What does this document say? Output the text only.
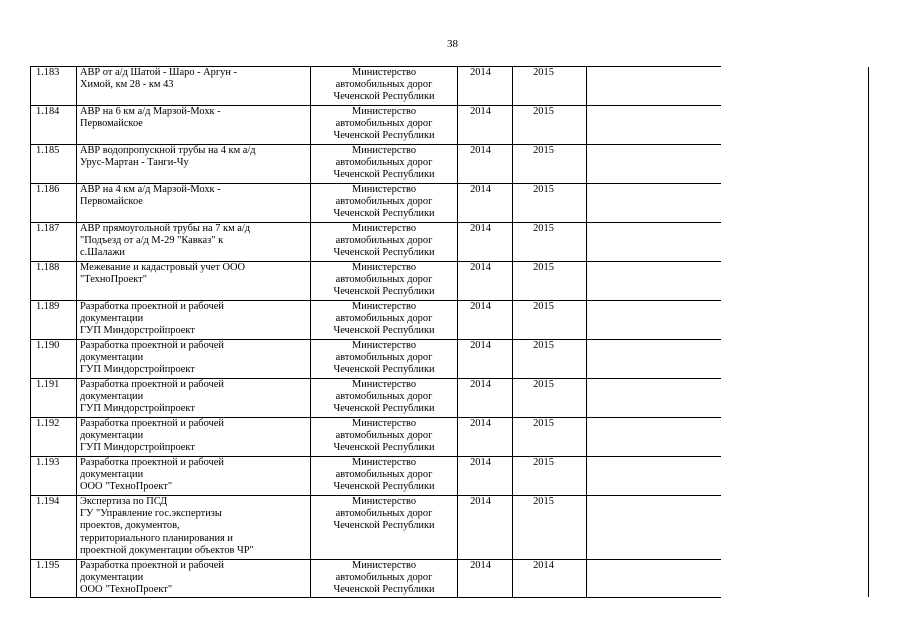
38
1.183	АВР от а/д Шатой - Шаро - Аргун -
Химой, км 28 - км 43	Министерство
автомобильных дорог
Чеченской Республики	2014	2015			
1.184	АВР на 6 км а/д Марзой-Мохк -
Первомайское	Министерство
автомобильных дорог
Чеченской Республики	2014	2015			
1.185	АВР водопропускной трубы на 4 км а/д
Урус-Мартан - Танги-Чу	Министерство
автомобильных дорог
Чеченской Республики	2014	2015			
1.186	АВР на 4 км а/д Марзой-Мохк -
Первомайское	Министерство
автомобильных дорог
Чеченской Республики	2014	2015			
1.187	АВР прямоугольной трубы на 7 км а/д
"Подъезд от а/д М-29 "Кавказ" к
с.Шалажи	Министерство
автомобильных дорог
Чеченской Республики	2014	2015			
1.188	Межевание и кадастровый учет ООО
"ТехноПроект"	Министерство
автомобильных дорог
Чеченской Республики	2014	2015			
1.189	Разработка проектной и рабочей
документации
ГУП Миндорстройпроект	Министерство
автомобильных дорог
Чеченской Республики	2014	2015			
1.190	Разработка проектной и рабочей
документации
ГУП Миндорстройпроект	Министерство
автомобильных дорог
Чеченской Республики	2014	2015			
1.191	Разработка проектной и рабочей
документации
ГУП Миндорстройпроект	Министерство
автомобильных дорог
Чеченской Республики	2014	2015			
1.192	Разработка проектной и рабочей
документации
ГУП Миндорстройпроект	Министерство
автомобильных дорог
Чеченской Республики	2014	2015			
1.193	Разработка проектной и рабочей
документации
ООО "ТехноПроект"	Министерство
автомобильных дорог
Чеченской Республики	2014	2015			
1.194	Экспертиза по ПСД
ГУ "Управление гос.экспертизы
проектов, документов,
территориального планирования и
проектной документации объектов ЧР"	Министерство
автомобильных дорог
Чеченской Республики	2014	2015			
1.195	Разработка проектной и рабочей
документации
ООО "ТехноПроект"	Министерство
автомобильных дорог
Чеченской Республики	2014	2014			
